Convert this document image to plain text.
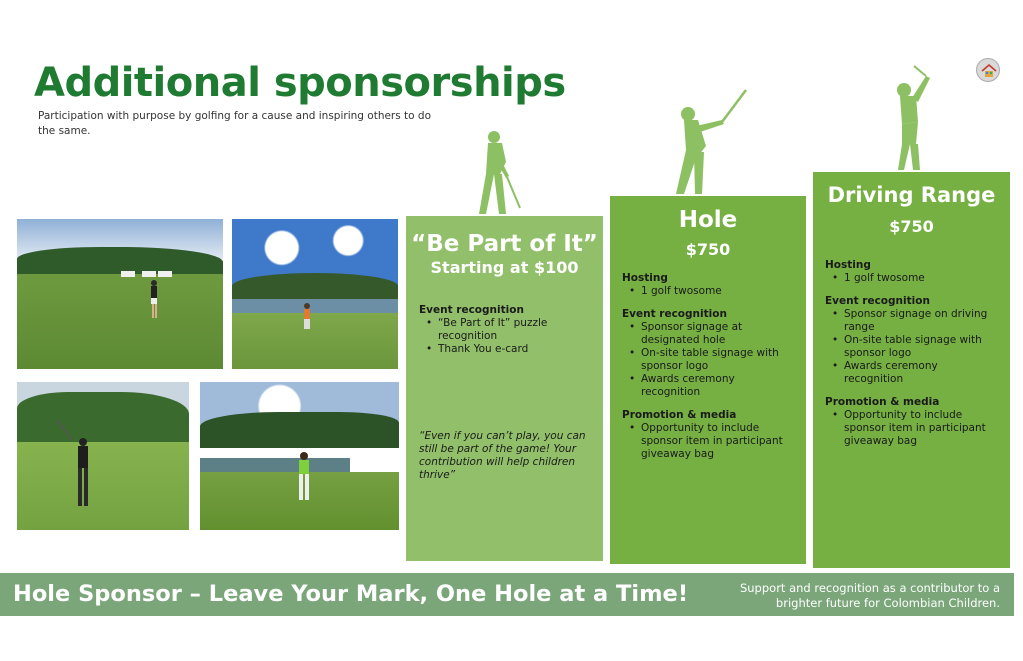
Additional sponsorships
Participation with purpose by golfing for a cause and inspiring others to do the same.
“Be Part of It”
Starting at $100
Event recognition
• “Be Part of It” puzzle recognition
• Thank You e-card
“Even if you can’t play, you can still be part of the game! Your contribution will help children thrive”
Hole
$750
Hosting
• 1 golf twosome
Event recognition
• Sponsor signage at designated hole
• On-site table signage with sponsor logo
• Awards ceremony recognition
Promotion & media
• Opportunity to include sponsor item in participant giveaway bag
Driving Range
$750
Hosting
• 1 golf twosome
Event recognition
• Sponsor signage on driving range
• On-site table signage with sponsor logo
• Awards ceremony recognition
Promotion & media
• Opportunity to include sponsor item in participant giveaway bag
Hole Sponsor – Leave Your Mark, One Hole at a Time!	Support and recognition as a contributor to a brighter future for Colombian Children.
